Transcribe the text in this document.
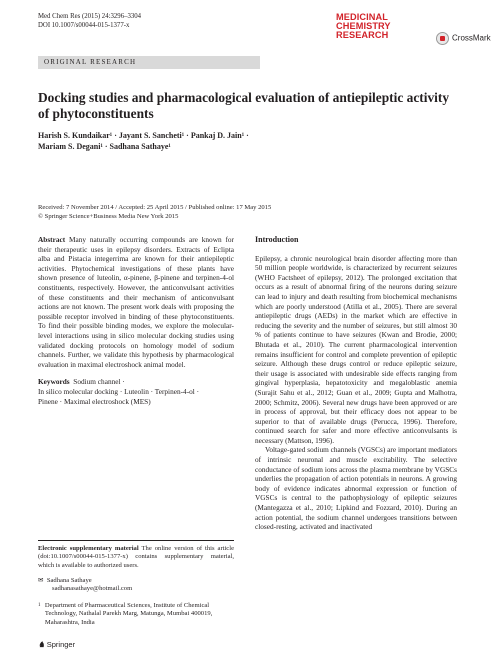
Med Chem Res (2015) 24:3296–3304
DOI 10.1007/s00044-015-1377-x
MEDICINAL
CHEMISTRY
RESEARCH	CrossMark
ORIGINAL RESEARCH
Docking studies and pharmacological evaluation of antiepileptic activity of phytoconstituents
Harish S. Kundaikar¹ · Jayant S. Sancheti¹ · Pankaj D. Jain¹ ·
Mariam S. Degani¹ · Sadhana Sathaye¹
Received: 7 November 2014 / Accepted: 25 April 2015 / Published online: 17 May 2015
© Springer Science+Business Media New York 2015

Abstract Many naturally occurring compounds are known for their therapeutic uses in epilepsy disorders. Extracts of Eclipta alba and Pistacia integerrima are known for their antiepileptic activities. Phytochemical investigations of these plants have shown presence of luteolin, α-pinene, β-pinene and terpinen-4-ol constituents, respectively. However, the anticonvulsant activities of these constituents and their mechanism of anticonvulsant actions are not known. The present work deals with proposing the possible receptor involved in binding of these phytoconstituents. To find their possible binding modes, we explore the molecular-level interactions using in silico molecular docking studies using validated docking protocols on homology model of sodium channels. Further, we validate this hypothesis by pharmacological evaluation in maximal electroshock animal model.

Keywords Sodium channel ·
In silico molecular docking · Luteolin · Terpinen-4-ol ·
Pinene · Maximal electroshock (MES)
Electronic supplementary material The online version of this article (doi:10.1007/s00044-015-1377-x) contains supplementary material, which is available to authorized users.
✉ Sadhana Sathaye
sadhanasathaye@hotmail.com
1 Department of Pharmaceutical Sciences, Institute of Chemical Technology, Nathalal Parekh Marg, Matunga, Mumbai 400019, Maharashtra, India
♞ Springer
Introduction

Epilepsy, a chronic neurological brain disorder affecting more than 50 million people worldwide, is characterized by recurrent seizures (WHO Factsheet of epilepsy, 2012). The prolonged excitation that occurs as a result of abnormal firing of the neurons during seizure can lead to injury and death resulting from biochemical mechanisms which are poorly understood (Atilla et al., 2005). There are several antiepileptic drugs (AEDs) in the market which are effective in reducing the severity and the number of seizures, but still almost 30 % of patients continue to have seizures (Kwan and Brodie, 2000; Bhutada et al., 2010). The current pharmacological intervention remains insufficient for control and complete prevention of epileptic seizure. Although these drugs control or reduce epileptic seizure, their usage is associated with undesirable side effects ranging from gingival hyperplasia, hepatotoxicity and megaloblastic anemia (Surajit Sahu et al., 2012; Guan et al., 2009; Gupta and Malhotra, 2000; Schmitz, 2006). Several new drugs have been approved or are in process of approval, but their efficacy does not appear to be superior to that of available drugs (Perucca, 1996). Therefore, continued search for safer and more effective anticonvulsants is necessary (Mattson, 1996).

Voltage-gated sodium channels (VGSCs) are important mediators of intrinsic neuronal and muscle excitability. The selective conductance of sodium ions across the plasma membrane by VGSCs underlies the propagation of action potentials in neurons. A growing body of evidence indicates abnormal expression or function of VGSCs is central to the pathophysiology of epileptic seizures (Mantegazza et al., 2010; Lipkind and Fozzard, 2010). During an action potential, the sodium channel undergoes transitions between closed-resting, activated and inactivated
